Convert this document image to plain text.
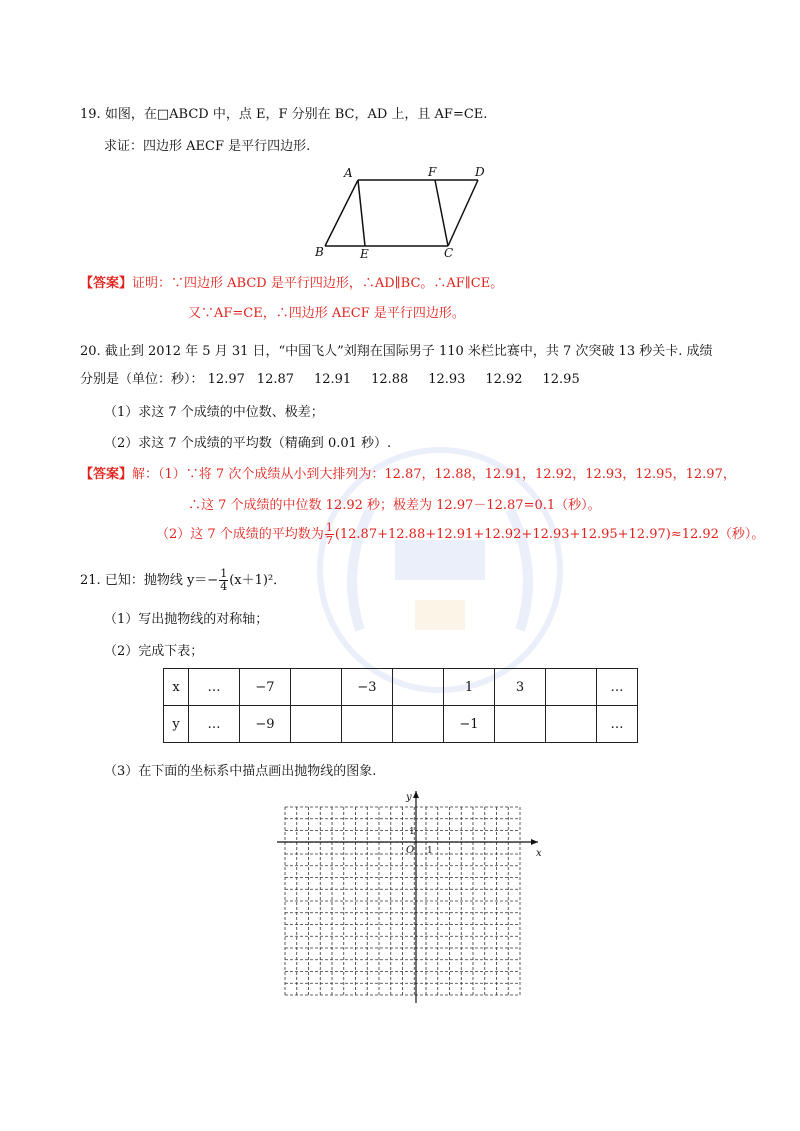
19. 如图，在□ABCD 中，点 E，F 分别在 BC，AD 上，且 AF=CE.
求证：四边形 AECF 是平行四边形.
A	F	D
B	E	C
【答案】证明：∵四边形 ABCD 是平行四边形，∴AD∥BC。∴AF∥CE。
又∵AF=CE，∴四边形 AECF 是平行四边形。
20. 截止到 2012 年 5 月 31 日，“中国飞人”刘翔在国际男子 110 米栏比赛中，共 7 次突破 13 秒关卡. 成绩
分别是（单位：秒）： 12.97 12.87 12.91 12.88 12.93 12.92 12.95
（1）求这 7 个成绩的中位数、极差；
（2）求这 7 个成绩的平均数（精确到 0.01 秒）.
【答案】解：（1）∵将 7 次个成绩从小到大排列为：12.87，12.88，12.91，12.92，12.93，12.95，12.97，
∴这 7 个成绩的中位数 12.92 秒；极差为 12.97－12.87=0.1（秒）。
（2）这 7 个成绩的平均数为 $\frac{1}{7} (12.87+12.88+12.91+12.92+12.93+12.95+12.97)\approx 12.92$（秒）。
21. 已知：抛物线 $y=- \frac{1}{4} (x+1)^2$．
（1）写出抛物线的对称轴；
（2）完成下表；
x	…	−7		−3		1	3		…
y	…	−9				−1			…
（3）在下面的坐标系中描点画出抛物线的图象.
y
x
O
1
1
